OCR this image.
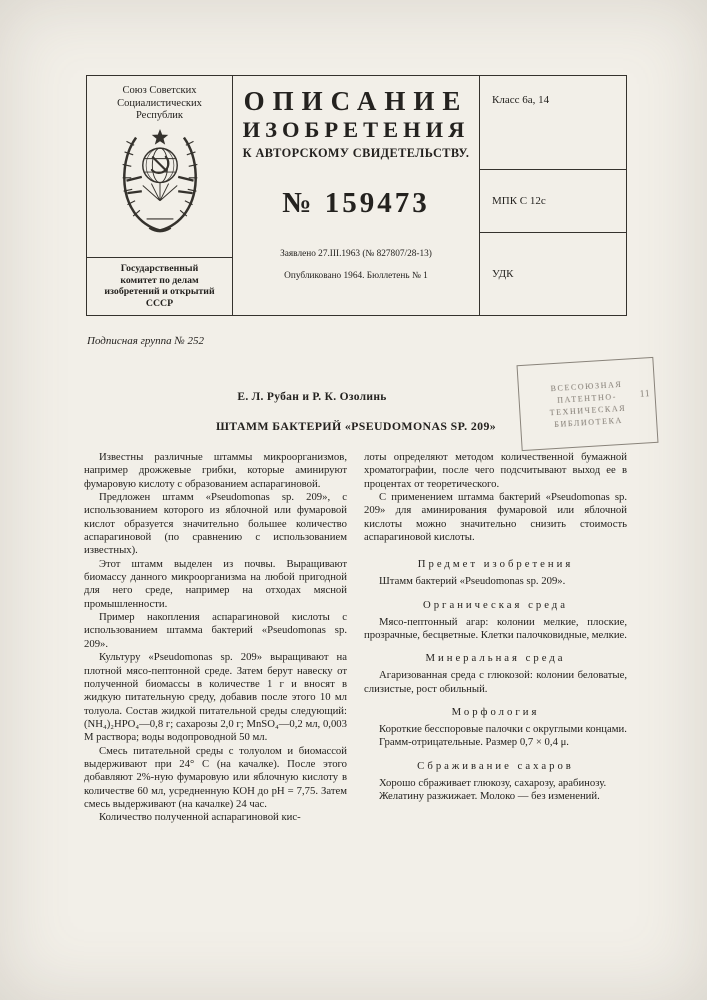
Союз Советских
Социалистических
Республик
Государственный
комитет по делам
изобретений и открытий
СССР
ОПИСАНИЕ
ИЗОБРЕТЕНИЯ
К АВТОРСКОМУ СВИДЕТЕЛЬСТВУ.
№ 159473
Заявлено 27.III.1963 (№ 827807/28-13)
Опубликовано 1964. Бюллетень № 1
Класс 6а, 14
МПК С 12с
УДК
Подписная группа № 252
ВСЕСОЮЗНАЯ
ПАТЕНТНО-
ТЕХНИЧЕСКАЯ
БИБЛИОТЕКА
11
Е. Л. Рубан и Р. К. Озолинь
ШТАММ БАКТЕРИЙ «PSEUDOMONAS SP. 209»

Известны различные штаммы микроорганизмов, например дрожжевые грибки, которые аминируют фумаровую кислоту с образованием аспарагиновой.

Предложен штамм «Pseudomonas sp. 209», с использованием которого из яблочной или фумаровой кислот образуется значительно большее количество аспарагиновой (по сравнению с использованием известных).

Этот штамм выделен из почвы. Выращивают биомассу данного микроорганизма на любой пригодной для него среде, например на отходах мясной промышленности.

Пример накопления аспарагиновой кислоты с использованием штамма бактерий «Pseudomonas sp. 209».

Культуру «Pseudomonas sp. 209» выращивают на плотной мясо-пептонной среде. Затем берут навеску от полученной биомассы в количестве 1 г и вносят в жидкую питательную среду, добавив после этого 10 мл толуола. Состав жидкой питательной среды следующий: (NH₄)₂HPO₄—0,8 г; сахарозы 2,0 г; MnSO₄—0,2 мл, 0,003 М раствора; воды водопроводной 50 мл.

Смесь питательной среды с толуолом и биомассой выдерживают при 24° С (на качалке). После этого добавляют 2%-ную фумаровую или яблочную кислоту в количестве 60 мл, усредненную КОН до рН = 7,75. Затем смесь выдерживают (на качалке) 24 час.

Количество полученной аспарагиновой кис-

лоты определяют методом количественной бумажной хроматографии, после чего подсчитывают выход ее в процентах от теоретического.

С применением штамма бактерий «Pseudomonas sp. 209» для аминирования фумаровой или яблочной кислоты можно значительно снизить стоимость аспарагиновой кислоты.

Предмет изобретения

Штамм бактерий «Pseudomonas sp. 209».

Органическая среда

Мясо-пептонный агар: колонии мелкие, плоские, прозрачные, бесцветные. Клетки палочковидные, мелкие.

Минеральная среда

Агаризованная среда с глюкозой: колонии беловатые, слизистые, рост обильный.

Морфология

Короткие бесспоровые палочки с округлыми концами.

Грамм-отрицательные. Размер 0,7 × 0,4 μ.

Сбраживание сахаров

Хорошо сбраживает глюкозу, сахарозу, арабинозу.

Желатину разжижает. Молоко — без изменений.
